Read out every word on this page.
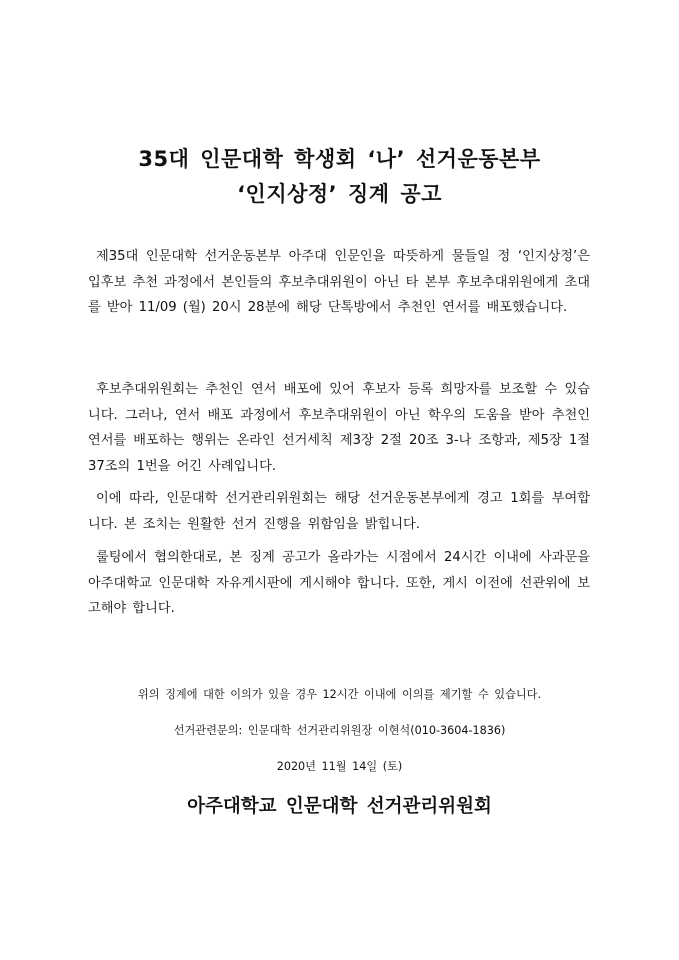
35대 인문대학 학생회 ‘나’ 선거운동본부
‘인지상정’ 징계 공고
제35대 인문대학 선거운동본부 아주대 인문인을 따뜻하게 물들일 정 ‘인지상정’은 입후보 추천 과정에서 본인들의 후보추대위원이 아닌 타 본부 후보추대위원에게 초대를 받아 11/09 (월) 20시 28분에 해당 단톡방에서 추천인 연서를 배포했습니다.
후보추대위원회는 추천인 연서 배포에 있어 후보자 등록 희망자를 보조할 수 있습니다. 그러나, 연서 배포 과정에서 후보추대위원이 아닌 학우의 도움을 받아 추천인 연서를 배포하는 행위는 온라인 선거세칙 제3장 2절 20조 3-나 조항과, 제5장 1절 37조의 1번을 어긴 사례입니다.
이에 따라, 인문대학 선거관리위원회는 해당 선거운동본부에게 경고 1회를 부여합니다. 본 조치는 원활한 선거 진행을 위함임을 밝힙니다.
룰팅에서 협의한대로, 본 징계 공고가 올라가는 시점에서 24시간 이내에 사과문을 아주대학교 인문대학 자유게시판에 게시해야 합니다. 또한, 게시 이전에 선관위에 보고해야 합니다.
위의 징계에 대한 이의가 있을 경우 12시간 이내에 이의를 제기할 수 있습니다.
선거관련문의: 인문대학 선거관리위원장 이현석(010-3604-1836)
2020년 11월 14일 (토)
아주대학교 인문대학 선거관리위원회
